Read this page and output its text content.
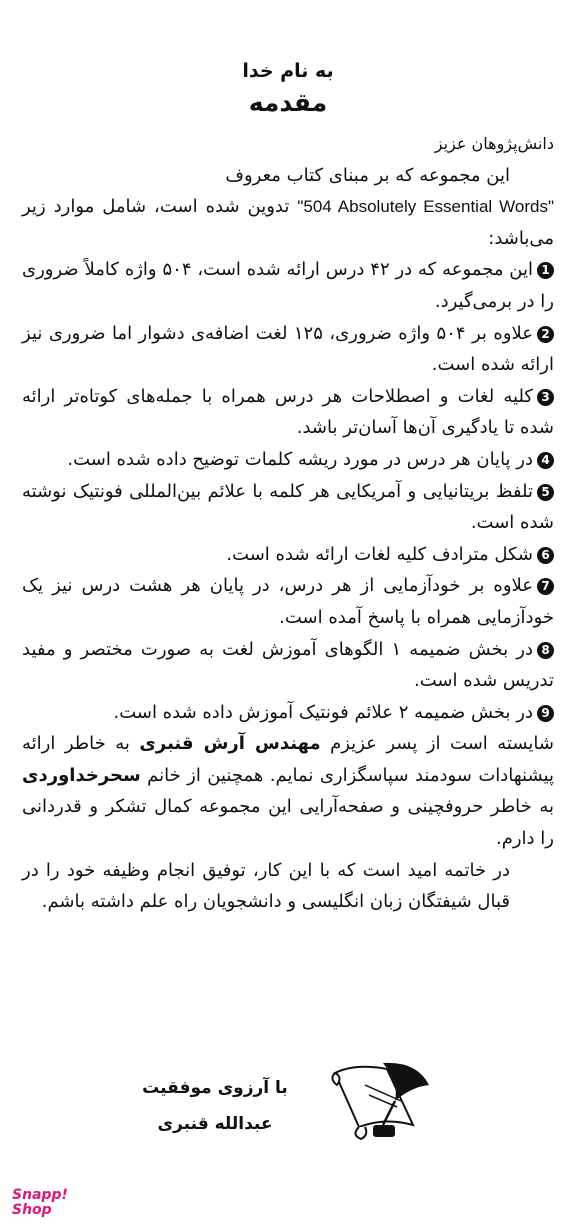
به نام خدا
مقدمه

دانش‌پژوهان عزیز

این مجموعه که بر مبنای کتاب معروف

"504 Absolutely Essential Words" تدوین شده است، شامل موارد زیر می‌باشد:

1این مجموعه که در ۴۲ درس ارائه شده است، ۵۰۴ واژه کاملاً ضروری را در برمی‌گیرد.

2علاوه بر ۵۰۴ واژه ضروری، ۱۲۵ لغت اضافه‌ی دشوار اما ضروری نیز ارائه شده است.

3کلیه لغات و اصطلاحات هر درس همراه با جمله‌های کوتاه‌تر ارائه شده تا یادگیری آن‌ها آسان‌تر باشد.

4در پایان هر درس در مورد ریشه کلمات توضیح داده شده است.

5تلفظ بریتانیایی و آمریکایی هر کلمه با علائم بین‌المللی فونتیک نوشته شده است.

6شکل مترادف کلیه لغات ارائه شده است.

7علاوه بر خودآزمایی از هر درس، در پایان هر هشت درس نیز یک خودآزمایی همراه با پاسخ آمده است.

8در بخش ضمیمه ۱ الگوهای آموزش لغت به صورت مختصر و مفید تدریس شده است.

9در بخش ضمیمه ۲ علائم فونتیک آموزش داده شده است.

شایسته است از پسر عزیزم مهندس آرش قنبری به خاطر ارائه پیشنهادات سودمند سپاسگزاری نمایم. همچنین از خانم سحرخداوردی به خاطر حروفچینی و صفحه‌آرایی این مجموعه کمال تشکر و قدردانی را دارم.

در خاتمه امید است که با این کار، توفیق انجام وظیفه خود را در قبال شیفتگان زبان انگلیسی و دانشجویان راه علم داشته باشم.

با آرزوی موفقیت
عبدالله قنبری
Snapp!
Shop
